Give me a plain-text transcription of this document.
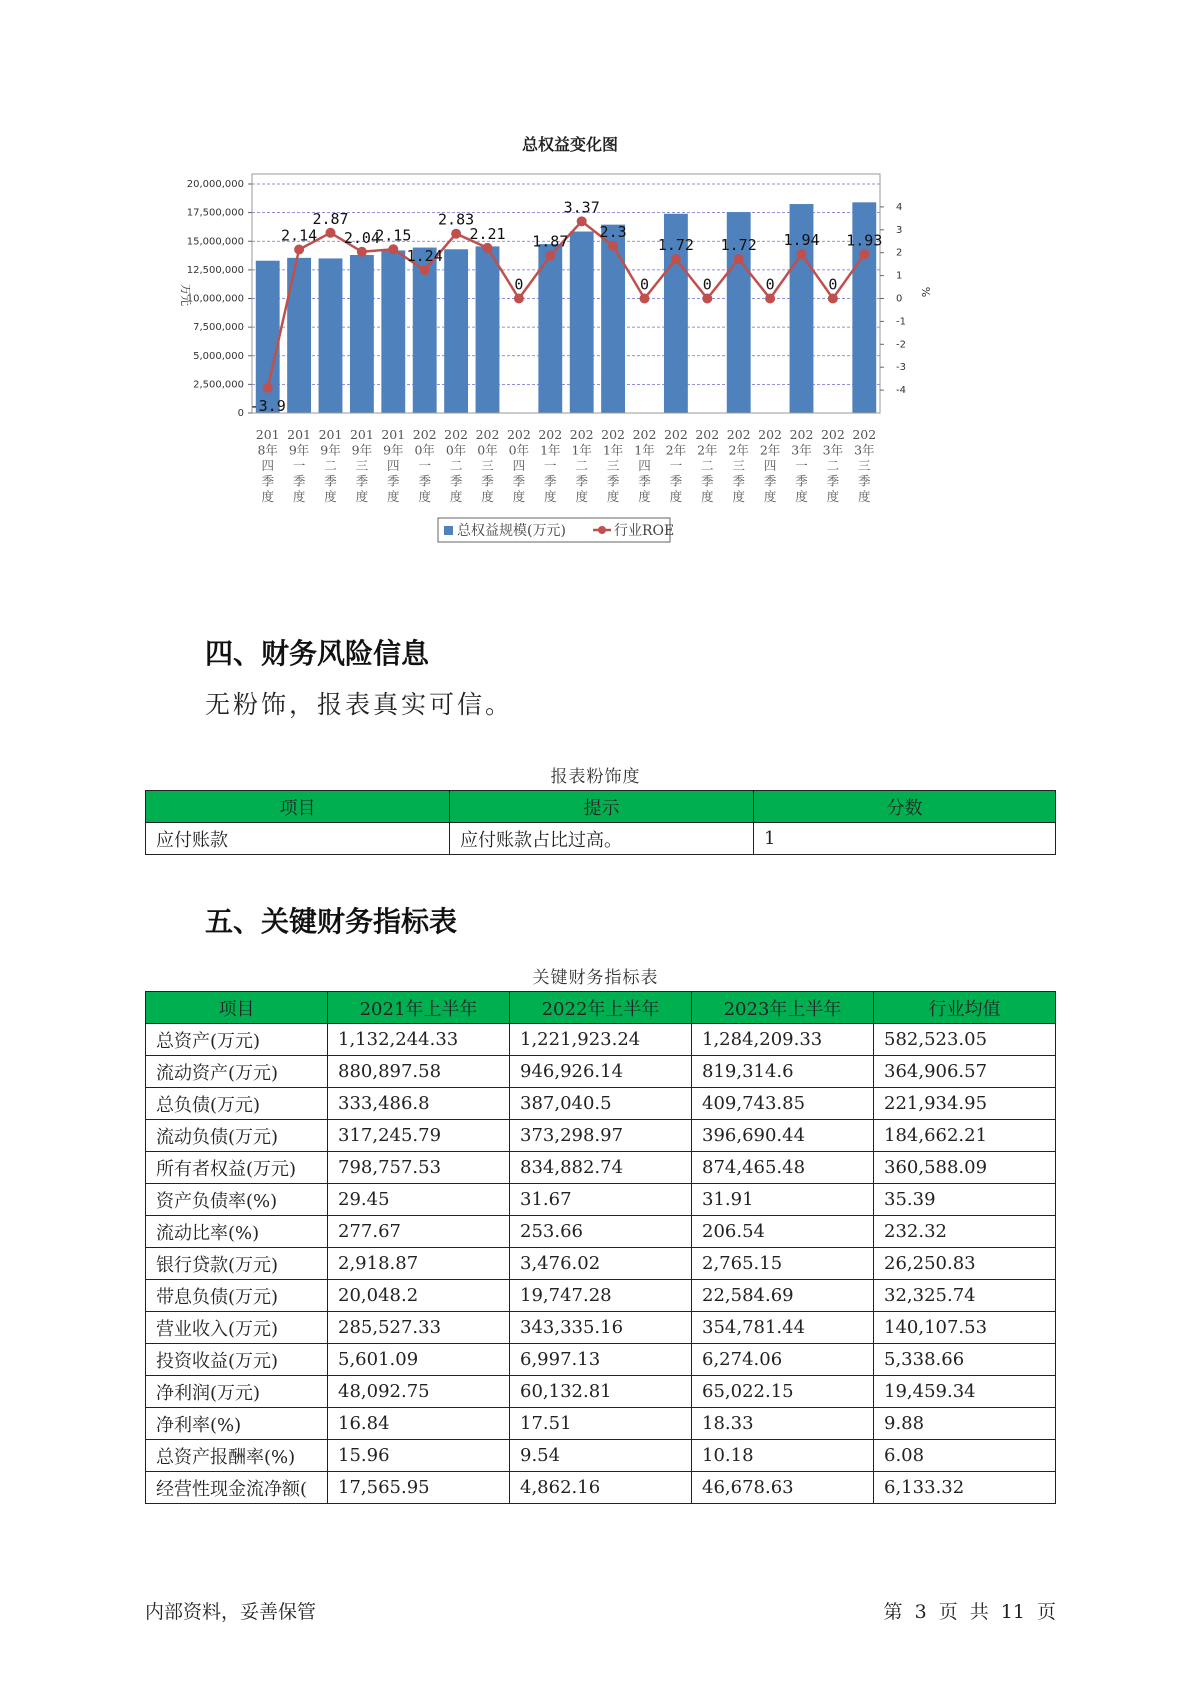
总权益变化图
万元	%
0
2,500,000
5,000,000
7,500,000
10,000,000
12,500,000
15,000,000
17,500,000
20,000,000
-4
-3
-2
-1
0
1
2
3
4
-3.9
2.14
2.87
2.04
2.15
1.24
2.83
2.21
0
1.87
3.37
2.3
0
1.72
0
1.72
0
1.94
0
1.93
201
8年
四
季
度
201
9年
一
季
度
201
9年
二
季
度
201
9年
三
季
度
201
9年
四
季
度
202
0年
一
季
度
202
0年
二
季
度
202
0年
三
季
度
202
0年
四
季
度
202
1年
一
季
度
202
1年
二
季
度
202
1年
三
季
度
202
1年
四
季
度
202
2年
一
季
度
202
2年
二
季
度
202
2年
三
季
度
202
2年
四
季
度
202
3年
一
季
度
202
3年
二
季
度
202
3年
三
季
度
总权益规模(万元)	行业ROE
四、财务风险信息

无粉饰，报表真实可信。

报表粉饰度

项目	提示	分数
应付账款	应付账款占比过高。	1
五、关键财务指标表

关键财务指标表

项目	2021年上半年	2022年上半年	2023年上半年	行业均值
总资产(万元)	1,132,244.33	1,221,923.24	1,284,209.33	582,523.05
流动资产(万元)	880,897.58	946,926.14	819,314.6	364,906.57
总负债(万元)	333,486.8	387,040.5	409,743.85	221,934.95
流动负债(万元)	317,245.79	373,298.97	396,690.44	184,662.21
所有者权益(万元)	798,757.53	834,882.74	874,465.48	360,588.09
资产负债率(%)	29.45	31.67	31.91	35.39
流动比率(%)	277.67	253.66	206.54	232.32
银行贷款(万元)	2,918.87	3,476.02	2,765.15	26,250.83
带息负债(万元)	20,048.2	19,747.28	22,584.69	32,325.74
营业收入(万元)	285,527.33	343,335.16	354,781.44	140,107.53
投资收益(万元)	5,601.09	6,997.13	6,274.06	5,338.66
净利润(万元)	48,092.75	60,132.81	65,022.15	19,459.34
净利率(%)	16.84	17.51	18.33	9.88
总资产报酬率(%)	15.96	9.54	10.18	6.08
经营性现金流净额(	17,565.95	4,862.16	46,678.63	6,133.32

内部资料，妥善保管	第 3 页 共 11 页
